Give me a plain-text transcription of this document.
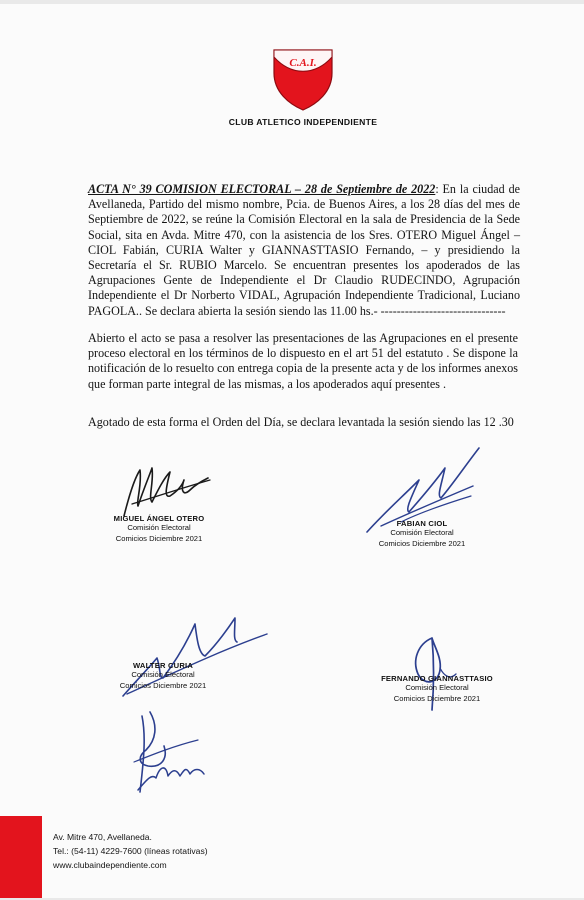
C.A.I.
CLUB ATLETICO INDEPENDIENTE
ACTA N° 39 COMISION ELECTORAL – 28 de Septiembre de 2022: En la ciudad de Avellaneda, Partido del mismo nombre, Pcia. de Buenos Aires, a los 28 días del mes de Septiembre de 2022, se reúne la Comisión Electoral en la sala de Presidencia de la Sede Social, sita en Avda. Mitre 470, con la asistencia de los Sres. OTERO Miguel Ángel – CIOL Fabián, CURIA Walter y GIANNASTTASIO Fernando, – y presidiendo la Secretaría el Sr. RUBIO Marcelo. Se encuentran presentes los apoderados de las Agrupaciones Gente de Independiente el Dr Claudio RUDECINDO, Agrupación Independiente el Dr Norberto VIDAL, Agrupación Independiente Tradicional, Luciano PAGOLA.. Se declara abierta la sesión siendo las 11.00 hs.- -------------------------------
Abierto el acto se pasa a resolver las presentaciones de las Agrupaciones en el presente proceso electoral en los términos de lo dispuesto en el art 51 del estatuto . Se dispone la notificación de lo resuelto con entrega copia de la presente acta y de los informes anexos que forman parte integral de las mismas, a los apoderados aquí presentes .
Agotado de esta forma el Orden del Día, se declara levantada la sesión siendo las 12 .30
MIGUEL ÁNGEL OTERO
Comisión Electoral
Comicios Diciembre 2021
FABIAN CIOL
Comisión Electoral
Comicios Diciembre 2021
WALTER CURIA
Comisión Electoral
Comicios Diciembre 2021
FERNANDO GIANNASTTASIO
Comisión Electoral
Comicios Diciembre 2021
Av. Mitre 470, Avellaneda.
Tel.: (54-11) 4229-7600 (líneas rotativas)
www.clubaindependiente.com
